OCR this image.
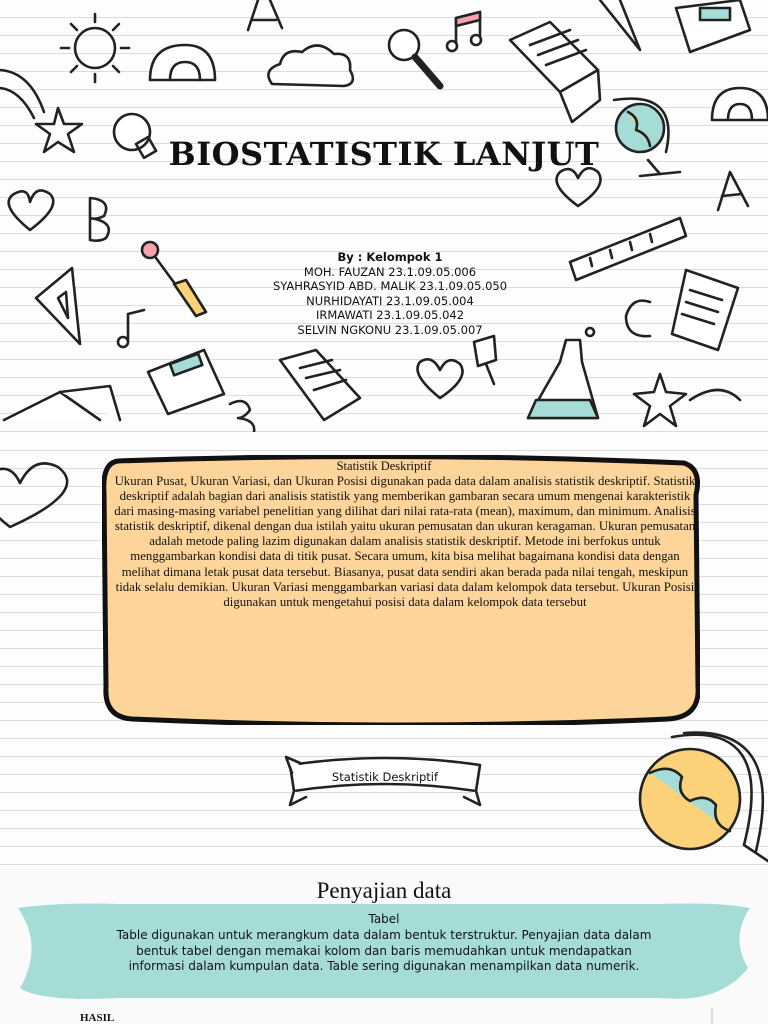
BIOSTATISTIK LANJUT
By : Kelompok 1
MOH. FAUZAN 23.1.09.05.006
SYAHRASYID ABD. MALIK 23.1.09.05.050
NURHIDAYATI 23.1.09.05.004
IRMAWATI 23.1.09.05.042
SELVIN NGKONU 23.1.09.05.007
Statistik Deskriptif
Ukuran Pusat, Ukuran Variasi, dan Ukuran Posisi digunakan pada data dalam analisis statistik deskriptif. Statistik deskriptif adalah bagian dari analisis statistik yang memberikan gambaran secara umum mengenai karakteristik dari masing-masing variabel penelitian yang dilihat dari nilai rata-rata (mean), maximum, dan minimum. Analisis statistik deskriptif, dikenal dengan dua istilah yaitu ukuran pemusatan dan ukuran keragaman. Ukuran pemusatan adalah metode paling lazim digunakan dalam analisis statistik deskriptif. Metode ini berfokus untuk menggambarkan kondisi data di titik pusat. Secara umum, kita bisa melihat bagaimana kondisi data dengan melihat dimana letak pusat data tersebut. Biasanya, pusat data sendiri akan berada pada nilai tengah, meskipun tidak selalu demikian. Ukuran Variasi menggambarkan variasi data dalam kelompok data tersebut. Ukuran Posisi digunakan untuk mengetahui posisi data dalam kelompok data tersebut
Statistik Deskriptif
Penyajian data
Tabel
Table digunakan untuk merangkum data dalam bentuk terstruktur. Penyajian data dalam bentuk tabel dengan memakai kolom dan baris memudahkan untuk mendapatkan informasi dalam kumpulan data. Table sering digunakan menampilkan data numerik.
HASIL
